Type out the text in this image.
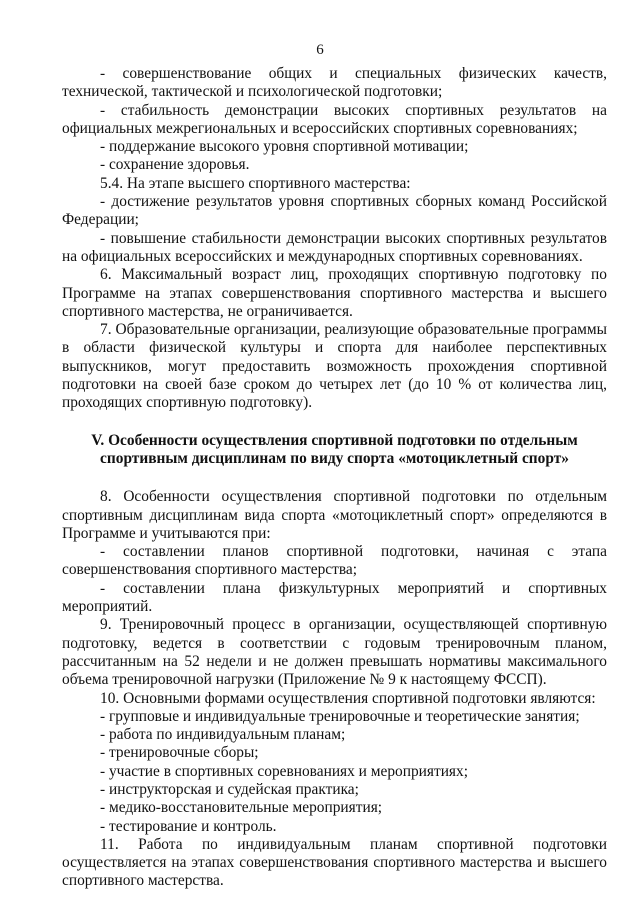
6

- совершенствование общих и специальных физических качеств, технической, тактической и психологической подготовки;

- стабильность демонстрации высоких спортивных результатов на официальных межрегиональных и всероссийских спортивных соревнованиях;

- поддержание высокого уровня спортивной мотивации;

- сохранение здоровья.

5.4. На этапе высшего спортивного мастерства:

- достижение результатов уровня спортивных сборных команд Российской Федерации;

- повышение стабильности демонстрации высоких спортивных результатов на официальных всероссийских и международных спортивных соревнованиях.

6. Максимальный возраст лиц, проходящих спортивную подготовку по Программе на этапах совершенствования спортивного мастерства и высшего спортивного мастерства, не ограничивается.

7. Образовательные организации, реализующие образовательные программы в области физической культуры и спорта для наиболее перспективных выпускников, могут предоставить возможность прохождения спортивной подготовки на своей базе сроком до четырех лет (до 10 % от количества лиц, проходящих спортивную подготовку).

V. Особенности осуществления спортивной подготовки по отдельным
спортивным дисциплинам по виду спорта «мотоциклетный спорт»

8. Особенности осуществления спортивной подготовки по отдельным спортивным дисциплинам вида спорта «мотоциклетный спорт» определяются в Программе и учитываются при:

- составлении планов спортивной подготовки, начиная с этапа совершенствования спортивного мастерства;

- составлении плана физкультурных мероприятий и спортивных мероприятий.

9. Тренировочный процесс в организации, осуществляющей спортивную подготовку, ведется в соответствии с годовым тренировочным планом, рассчитанным на 52 недели и не должен превышать нормативы максимального объема тренировочной нагрузки (Приложение № 9 к настоящему ФССП).

10. Основными формами осуществления спортивной подготовки являются:

- групповые и индивидуальные тренировочные и теоретические занятия;

- работа по индивидуальным планам;

- тренировочные сборы;

- участие в спортивных соревнованиях и мероприятиях;

- инструкторская и судейская практика;

- медико-восстановительные мероприятия;

- тестирование и контроль.

11. Работа по индивидуальным планам спортивной подготовки осуществляется на этапах совершенствования спортивного мастерства и высшего спортивного мастерства.
